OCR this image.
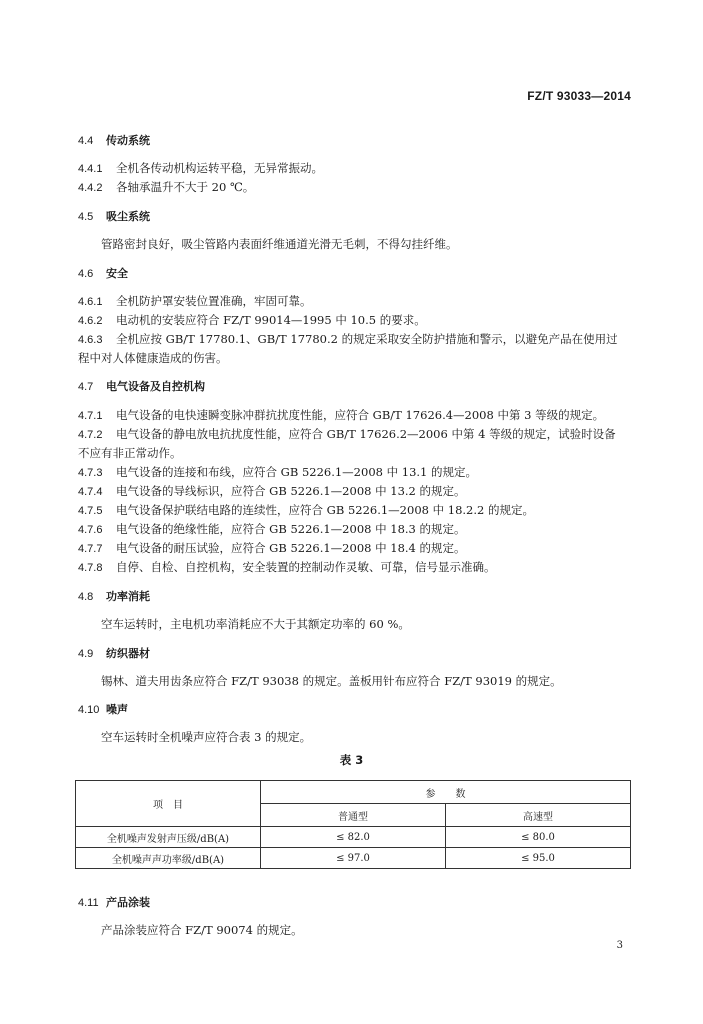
FZ/T 93033—2014
4.4 传动系统
4.4.1 全机各传动机构运转平稳，无异常振动。
4.4.2 各轴承温升不大于 20 ℃。
4.5 吸尘系统
管路密封良好，吸尘管路内表面纤维通道光滑无毛刺，不得勾挂纤维。
4.6 安全
4.6.1 全机防护罩安装位置准确，牢固可靠。
4.6.2 电动机的安装应符合 FZ/T 99014—1995 中 10.5 的要求。
4.6.3 全机应按 GB/T 17780.1、GB/T 17780.2 的规定采取安全防护措施和警示，以避免产品在使用过
程中对人体健康造成的伤害。
4.7 电气设备及自控机构
4.7.1 电气设备的电快速瞬变脉冲群抗扰度性能，应符合 GB/T 17626.4—2008 中第 3 等级的规定。
4.7.2 电气设备的静电放电抗扰度性能，应符合 GB/T 17626.2—2006 中第 4 等级的规定，试验时设备
不应有非正常动作。
4.7.3 电气设备的连接和布线，应符合 GB 5226.1—2008 中 13.1 的规定。
4.7.4 电气设备的导线标识，应符合 GB 5226.1—2008 中 13.2 的规定。
4.7.5 电气设备保护联结电路的连续性，应符合 GB 5226.1—2008 中 18.2.2 的规定。
4.7.6 电气设备的绝缘性能，应符合 GB 5226.1—2008 中 18.3 的规定。
4.7.7 电气设备的耐压试验，应符合 GB 5226.1—2008 中 18.4 的规定。
4.7.8 自停、自检、自控机构，安全装置的控制动作灵敏、可靠，信号显示准确。
4.8 功率消耗
空车运转时，主电机功率消耗应不大于其额定功率的 60 %。
4.9 纺织器材
锡林、道夫用齿条应符合 FZ/T 93038 的规定。盖板用针布应符合 FZ/T 93019 的规定。
4.10 噪声
空车运转时全机噪声应符合表 3 的规定。
表 3
项　目	参　　数	
	普通型	高速型
全机噪声发射声压级/dB(A)	≤ 82.0	≤ 80.0
全机噪声声功率级/dB(A)	≤ 97.0	≤ 95.0
4.11 产品涂装
产品涂装应符合 FZ/T 90074 的规定。
3
